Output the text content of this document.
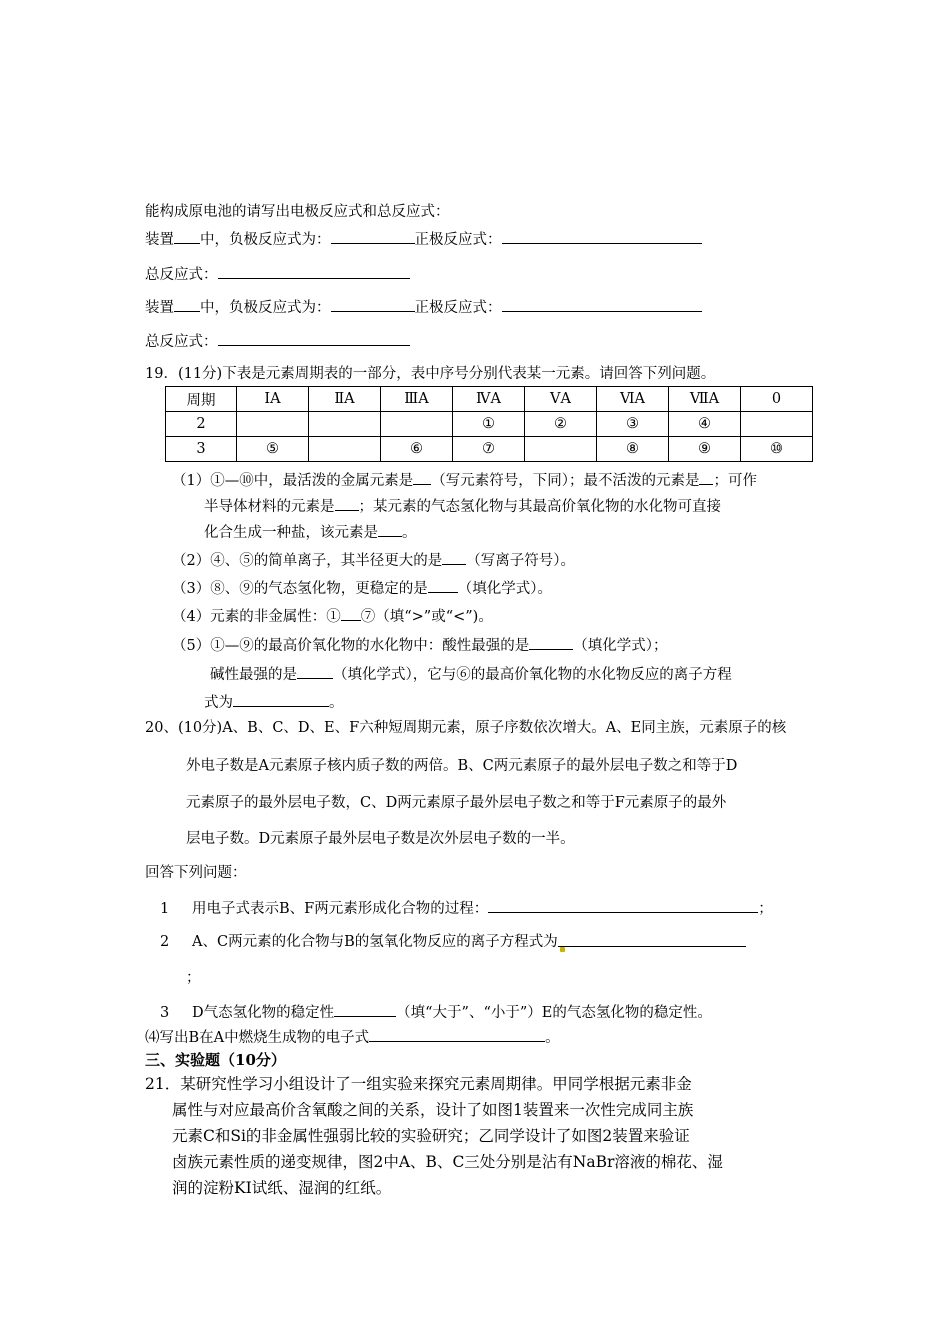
能构成原电池的请写出电极反应式和总反应式：
装置 中，负极反应式为：	正极反应式：
总反应式：
装置 中，负极反应式为：	正极反应式：
总反应式：
19．(11分)下表是元素周期表的一部分，表中序号分别代表某一元素。请回答下列问题。
周期	IA	ⅡA	ⅢA	ⅣA	ⅤA	ⅥA	ⅦA	0
2				①	②	③	④	
3	⑤		⑥	⑦		⑧	⑨	⑩
（1）①—⑩中，最活泼的金属元素是 （写元素符号，下同）；最不活泼的元素是 ；可作
半导体材料的元素是 ；某元素的气态氢化物与其最高价氧化物的水化物可直接
化合生成一种盐，该元素是 。
（2）④、⑤的简单离子，其半径更大的是 （写离子符号）。
（3）⑧、⑨的气态氢化物，更稳定的是 （填化学式）。
（4）元素的非金属性：① ⑦（填“>”或“<”)。
（5）①—⑨的最高价氧化物的水化物中：酸性最强的是	（填化学式）；
碱性最强的是 （填化学式），它与⑥的最高价氧化物的水化物反应的离子方程
式为	。
20、(10分)A、B、C、D、E、F六种短周期元素，原子序数依次增大。A、E同主族，元素原子的核
外电子数是A元素原子核内质子数的两倍。B、C两元素原子的最外层电子数之和等于D
元素原子的最外层电子数，C、D两元素原子最外层电子数之和等于F元素原子的最外
层电子数。D元素原子最外层电子数是次外层电子数的一半。
回答下列问题：
1 用电子式表示B、F两元素形成化合物的过程：	；
2 A、C两元素的化合物与B的氢氧化物反应的离子方程式为
；
3 D气态氢化物的稳定性	（填“大于”、“小于”）E的气态氢化物的稳定性。
⑷写出B在A中燃烧生成物的电子式	。
三、实验题（10分）
21．某研究性学习小组设计了一组实验来探究元素周期律。甲同学根据元素非金
属性与对应最高价含氧酸之间的关系，设计了如图1装置来一次性完成同主族
元素C和Si的非金属性强弱比较的实验研究；乙同学设计了如图2装置来验证
卤族元素性质的递变规律，图2中A、B、C三处分别是沾有NaBr溶液的棉花、湿
润的淀粉KI试纸、湿润的红纸。
